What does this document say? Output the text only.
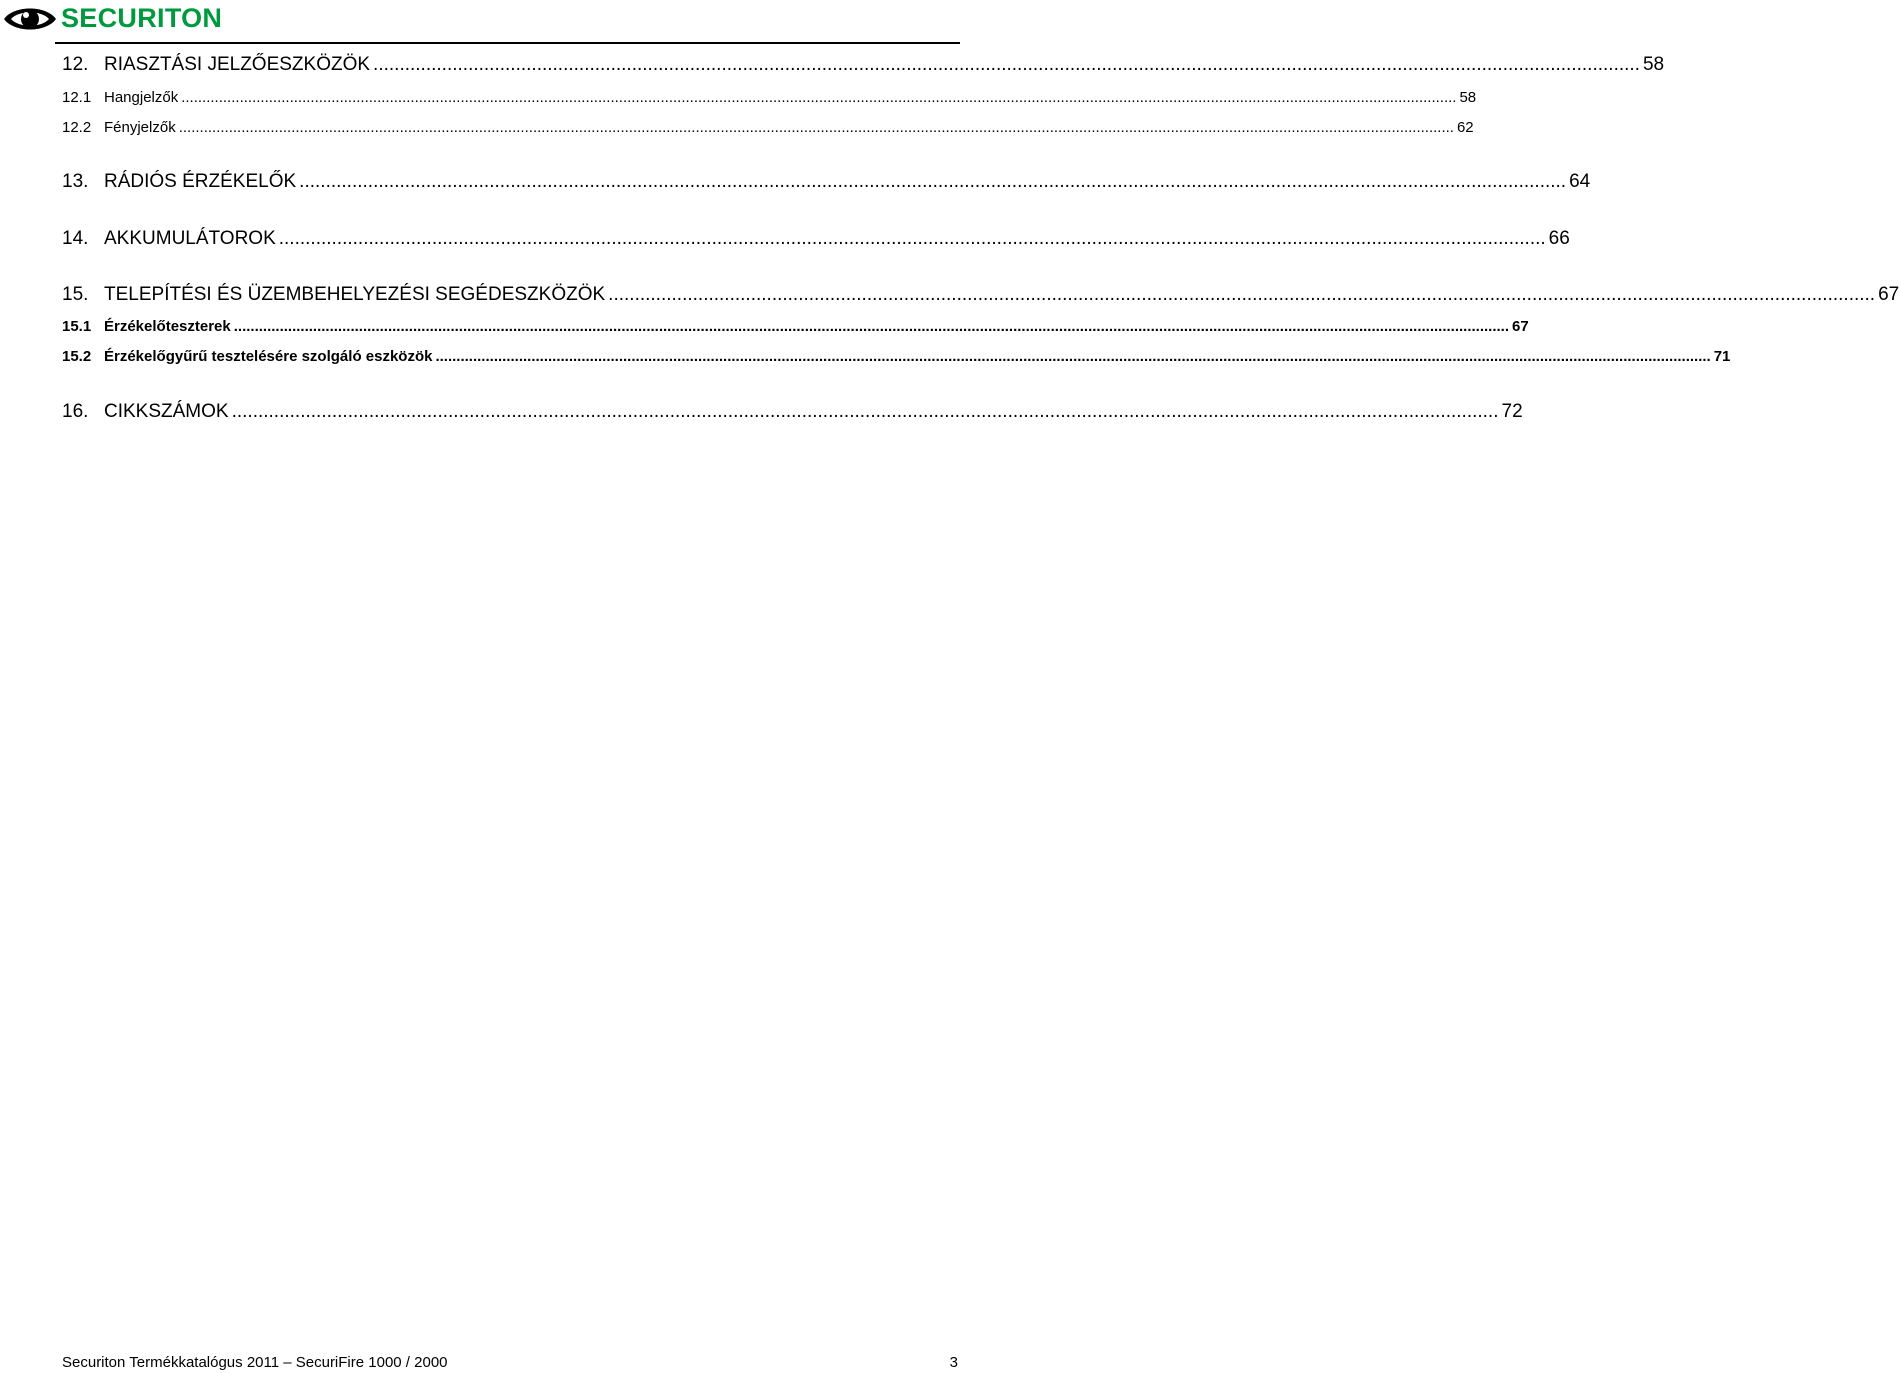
SECURITON
12. RIASZTÁSI JELZŐESZKÖZÖK ................................................................................................................................................................................................................................................ 58
12.1 Hangjelzők .................................................................................................................................................................................................................................................................................................................. 58
12.2 Fényjelzők .................................................................................................................................................................................................................................................................................................................. 62
13. RÁDIÓS ÉRZÉKELŐK ................................................................................................................................................................................................................................................ 64
14. AKKUMULÁTOROK ................................................................................................................................................................................................................................................ 66
15. TELEPÍTÉSI ÉS ÜZEMBEHELYEZÉSI SEGÉDESZKÖZÖK ................................................................................................................................................................................................................................................ 67
15.1 Érzékelőteszterek .................................................................................................................................................................................................................................................................................................................. 67
15.2 Érzékelőgyűrű tesztelésére szolgáló eszközök .................................................................................................................................................................................................................................................................................................................. 71
16. CIKKSZÁMOK ................................................................................................................................................................................................................................................ 72
Securiton Termékkatalógus 2011 – SecuriFire 1000 / 2000	3
